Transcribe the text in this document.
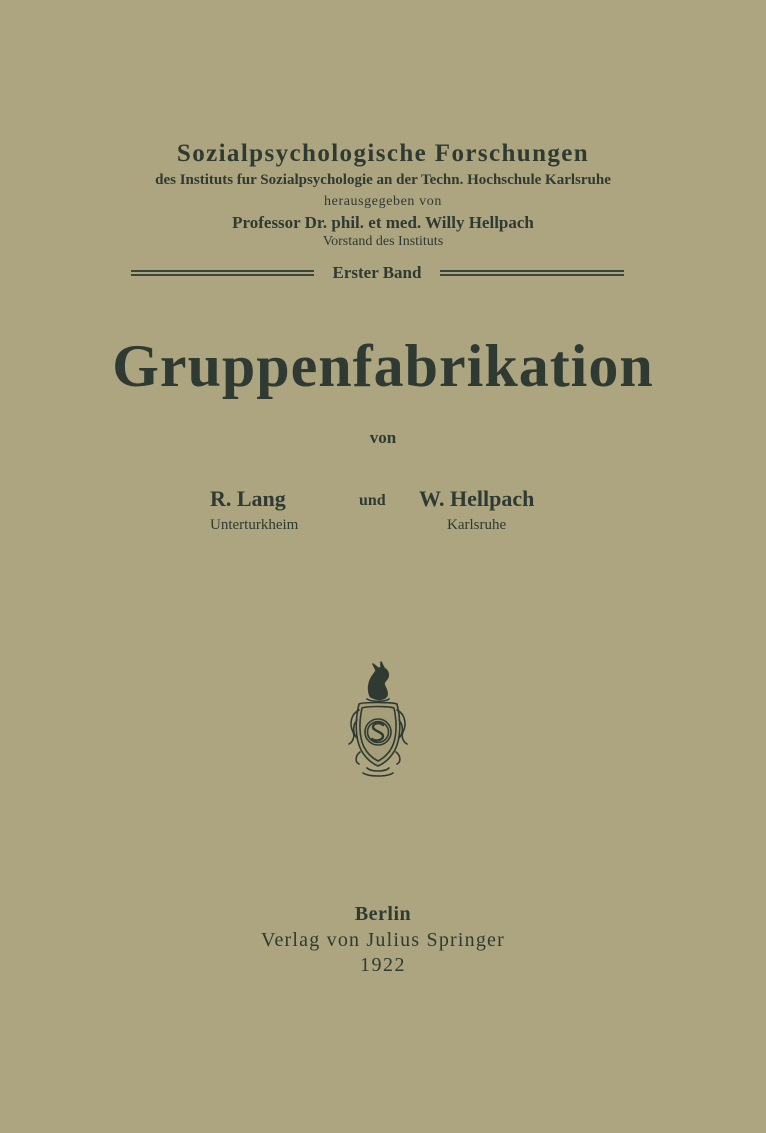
Sozialpsychologische Forschungen
des Instituts fur Sozialpsychologie an der Techn. Hochschule Karlsruhe
herausgegeben von
Professor Dr. phil. et med. Willy Hellpach
Vorstand des Instituts
Erster Band
Gruppenfabrikation
von
R. Lang	und W. Hellpach
Unterturkheim	Karlsruhe
Berlin
Verlag von Julius Springer
1922
